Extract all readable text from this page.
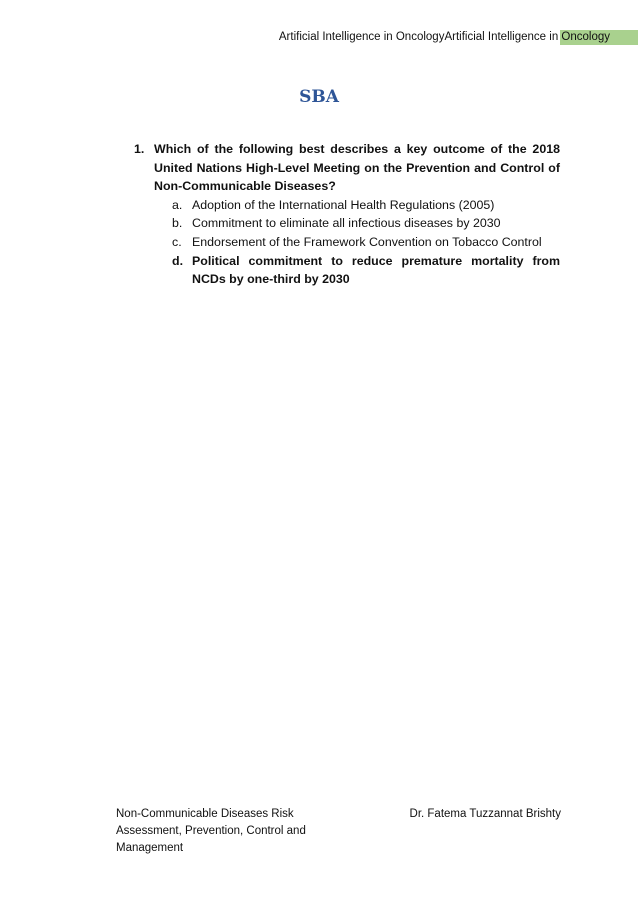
Artificial Intelligence in OncologyArtificial Intelligence in Oncology
SBA
1. Which of the following best describes a key outcome of the 2018 United Nations High-Level Meeting on the Prevention and Control of Non-Communicable Diseases?
a. Adoption of the International Health Regulations (2005)
b. Commitment to eliminate all infectious diseases by 2030
c. Endorsement of the Framework Convention on Tobacco Control
d. Political commitment to reduce premature mortality from NCDs by one-third by 2030
Non-Communicable Diseases Risk Assessment, Prevention, Control and Management
Dr. Fatema Tuzzannat Brishty
